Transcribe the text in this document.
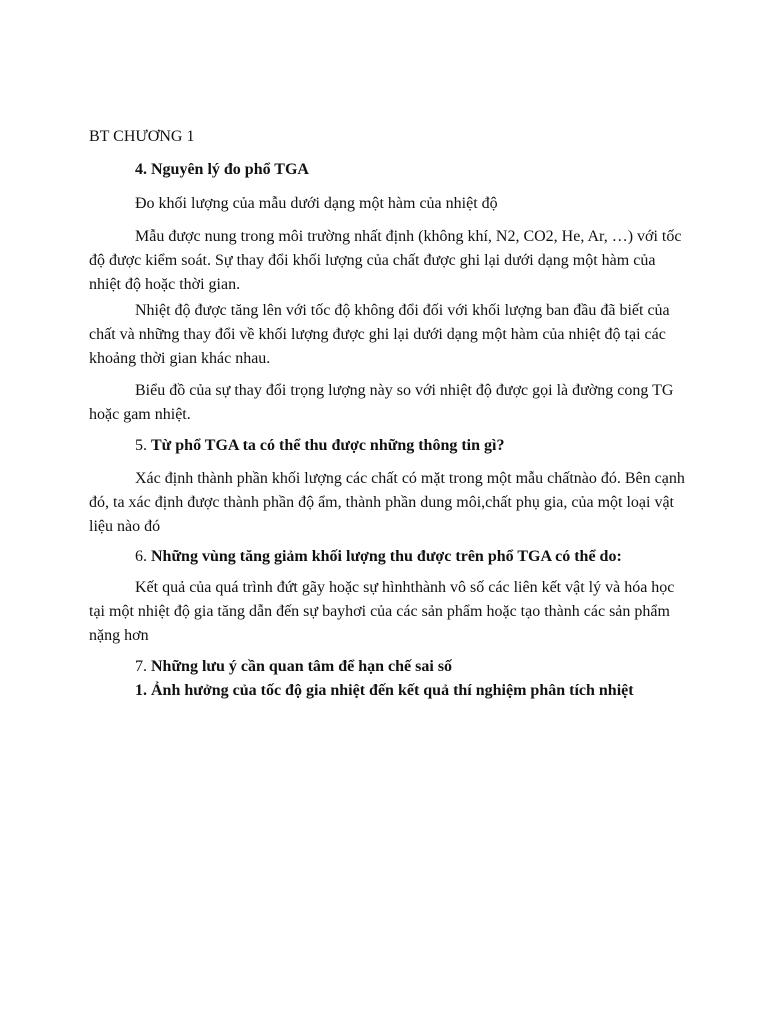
BT CHƯƠNG 1
4. Nguyên lý đo phổ TGA
Đo khối lượng của mẫu dưới dạng một hàm của nhiệt độ
Mẫu được nung trong môi trường nhất định (không khí, N2, CO2, He, Ar, …) với tốc độ được kiểm soát. Sự thay đổi khối lượng của chất được ghi lại dưới dạng một hàm của nhiệt độ hoặc thời gian.
Nhiệt độ được tăng lên với tốc độ không đổi đối với khối lượng ban đầu đã biết của chất và những thay đổi về khối lượng được ghi lại dưới dạng một hàm của nhiệt độ tại các khoảng thời gian khác nhau.
Biểu đồ của sự thay đổi trọng lượng này so với nhiệt độ được gọi là đường cong TG hoặc gam nhiệt.
5. Từ phổ TGA ta có thể thu được những thông tin gì?
Xác định thành phần khối lượng các chất có mặt trong một mẫu chấtnào đó. Bên cạnh đó, ta xác định được thành phần độ ẩm, thành phần dung môi,chất phụ gia, của một loại vật liệu nào đó
6. Những vùng tăng giảm khối lượng thu được trên phổ TGA có thể do:
Kết quả của quá trình đứt gãy hoặc sự hìnhthành vô số các liên kết vật lý và hóa học tại một nhiệt độ gia tăng dẫn đến sự bayhơi của các sản phẩm hoặc tạo thành các sản phẩm nặng hơn
7. Những lưu ý cần quan tâm để hạn chế sai số
1. Ảnh hưởng của tốc độ gia nhiệt đến kết quả thí nghiệm phân tích nhiệt
